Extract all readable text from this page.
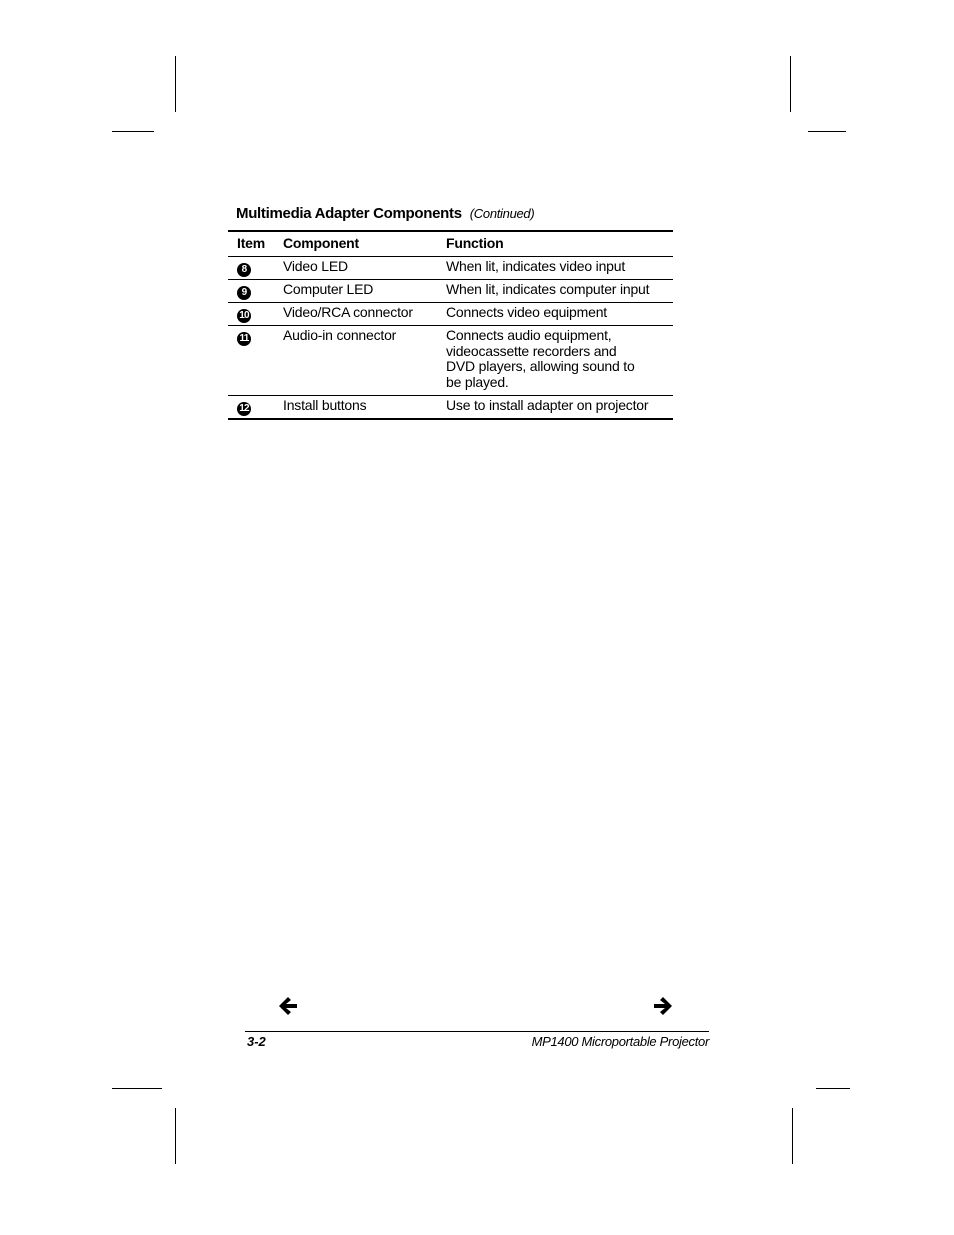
Multimedia Adapter Components (Continued)
Item	Component	Function
8	Video LED	When lit, indicates video input
9	Computer LED	When lit, indicates computer input
10	Video/RCA connector	Connects video equipment
11	Audio-in connector	Connects audio equipment, videocassette recorders and DVD players, allowing sound to be played.
12	Install buttons	Use to install adapter on projector
3-2	MP1400 Microportable Projector
